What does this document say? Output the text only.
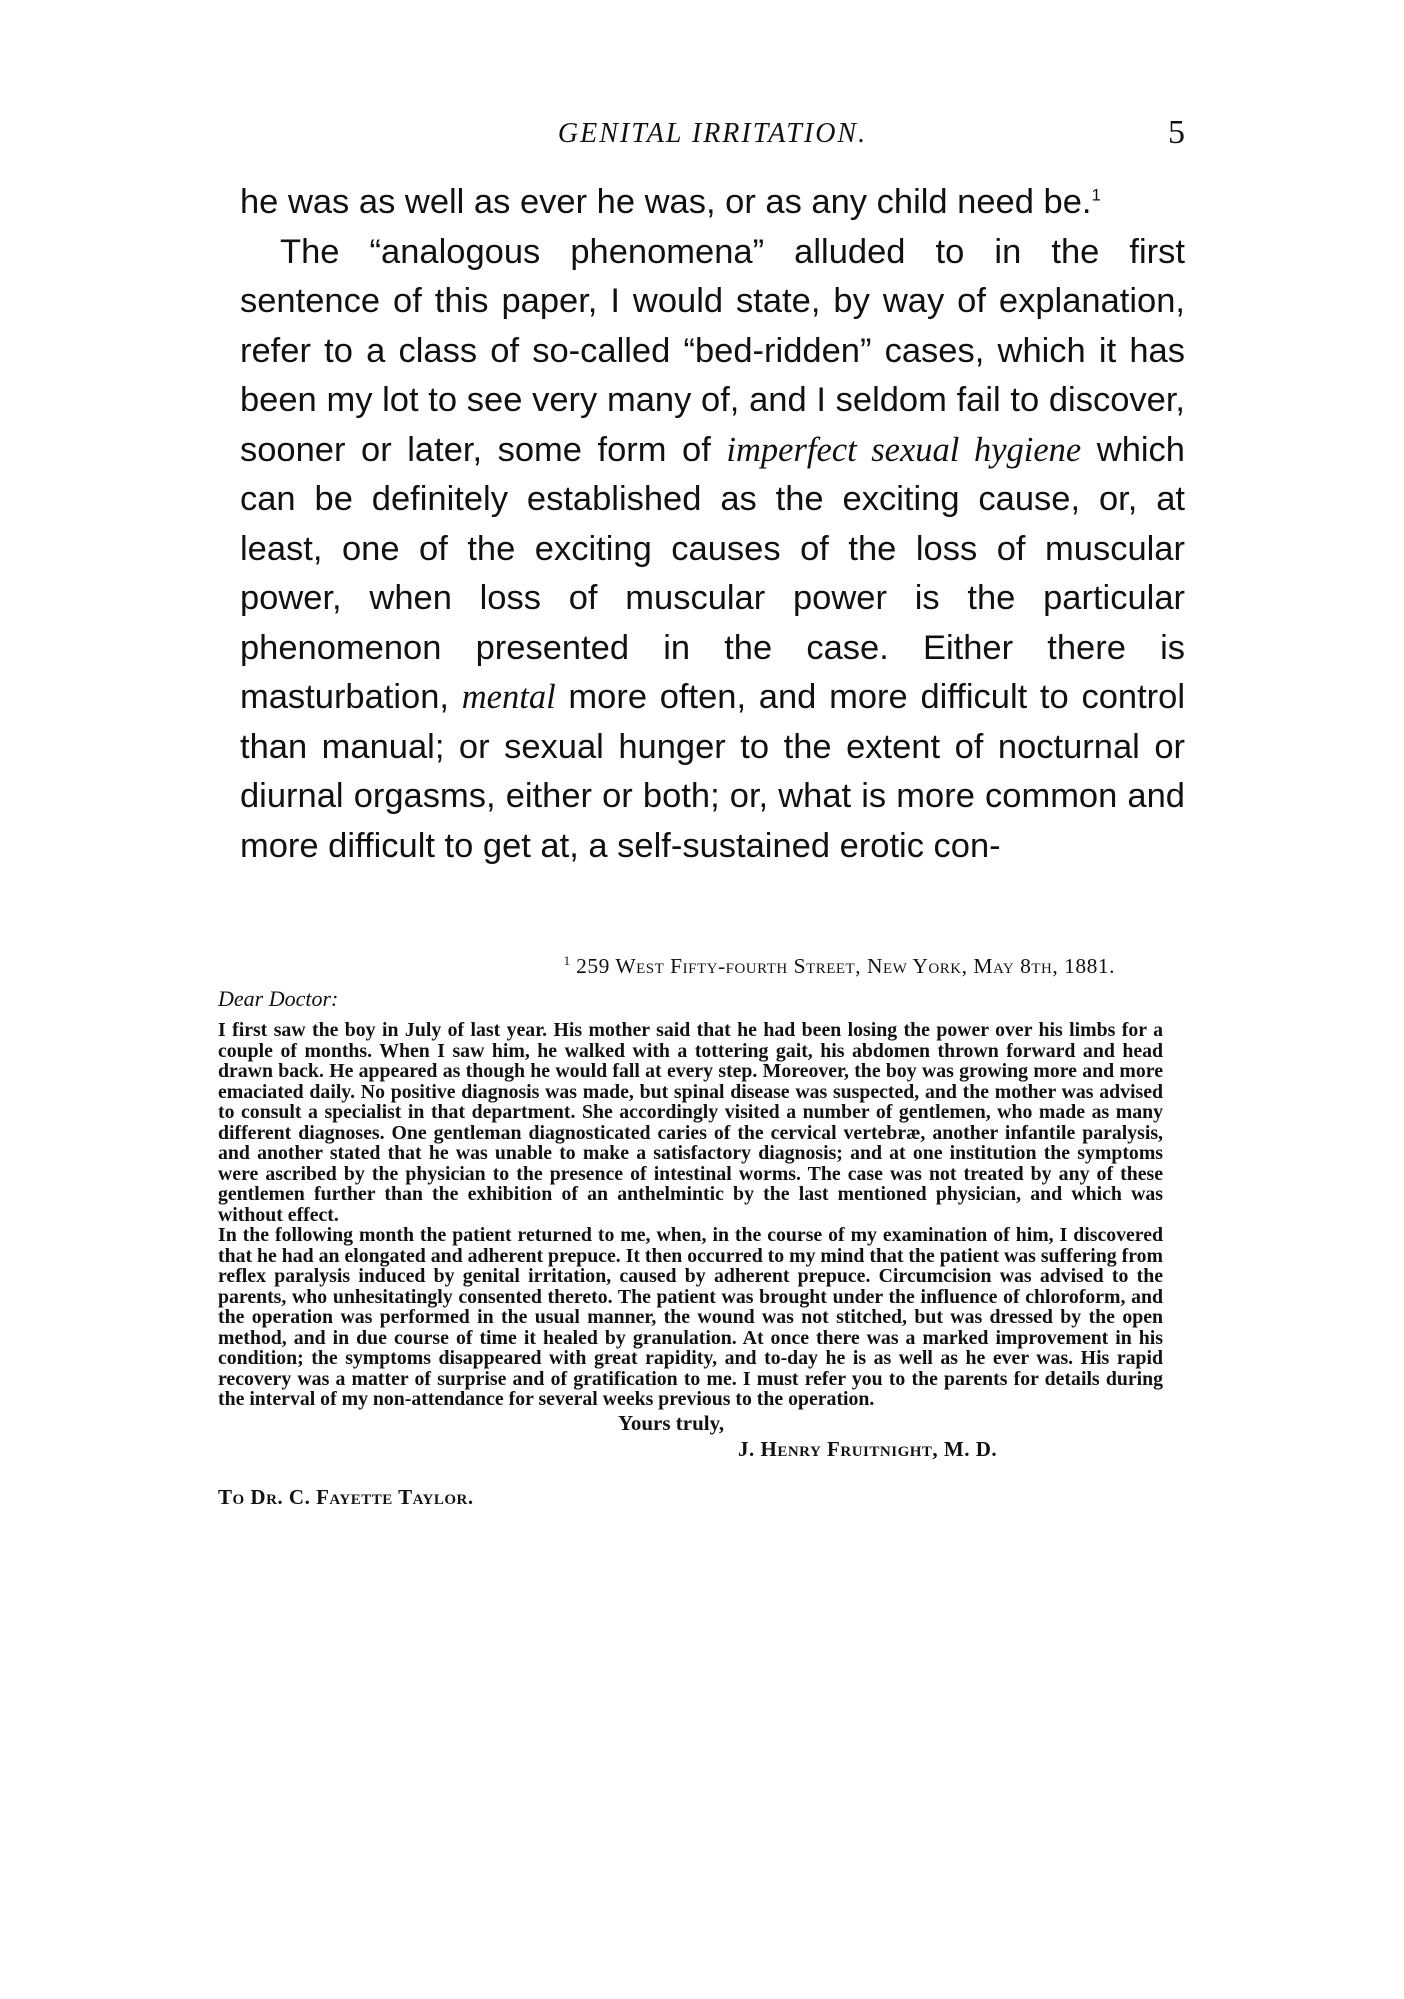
GENITAL IRRITATION.	5

he was as well as ever he was, or as any child need be.$^1$

The “analogous phenomena” alluded to in the first sentence of this paper, I would state, by way of explanation, refer to a class of so-called “bed-ridden” cases, which it has been my lot to see very many of, and I seldom fail to discover, sooner or later, some form of imperfect sexual hygiene which can be definitely established as the exciting cause, or, at least, one of the exciting causes of the loss of muscular power, when loss of muscular power is the particular phenomenon presented in the case. Either there is masturbation, mental more often, and more difficult to control than manual; or sexual hunger to the extent of nocturnal or diurnal orgasms, either or both; or, what is more common and more difficult to get at, a self-sustained erotic con-

$^1$ 259 West Fifty-fourth Street, New York, May 8th, 1881.
Dear Doctor:

I first saw the boy in July of last year. His mother said that he had been losing the power over his limbs for a couple of months. When I saw him, he walked with a tottering gait, his abdomen thrown forward and head drawn back. He appeared as though he would fall at every step. Moreover, the boy was growing more and more emaciated daily. No positive diagnosis was made, but spinal disease was suspected, and the mother was advised to consult a specialist in that department. She accordingly visited a number of gentlemen, who made as many different diagnoses. One gentleman diagnosticated caries of the cervical vertebræ, another infantile paralysis, and another stated that he was unable to make a satisfactory diagnosis; and at one institution the symptoms were ascribed by the physician to the presence of intestinal worms. The case was not treated by any of these gentlemen further than the exhibition of an anthelmintic by the last mentioned physician, and which was without effect.

In the following month the patient returned to me, when, in the course of my examination of him, I discovered that he had an elongated and adherent prepuce. It then occurred to my mind that the patient was suffering from reflex paralysis induced by genital irritation, caused by adherent prepuce. Circumcision was advised to the parents, who unhesitatingly consented thereto. The patient was brought under the influence of chloroform, and the operation was performed in the usual manner, the wound was not stitched, but was dressed by the open method, and in due course of time it healed by granulation. At once there was a marked improvement in his condition; the symptoms disappeared with great rapidity, and to-day he is as well as he ever was. His rapid recovery was a matter of surprise and of gratification to me. I must refer you to the parents for details during the interval of my non-attendance for several weeks previous to the operation.

Yours truly,
J. Henry Fruitnight, M. D.
To Dr. C. Fayette Taylor.
